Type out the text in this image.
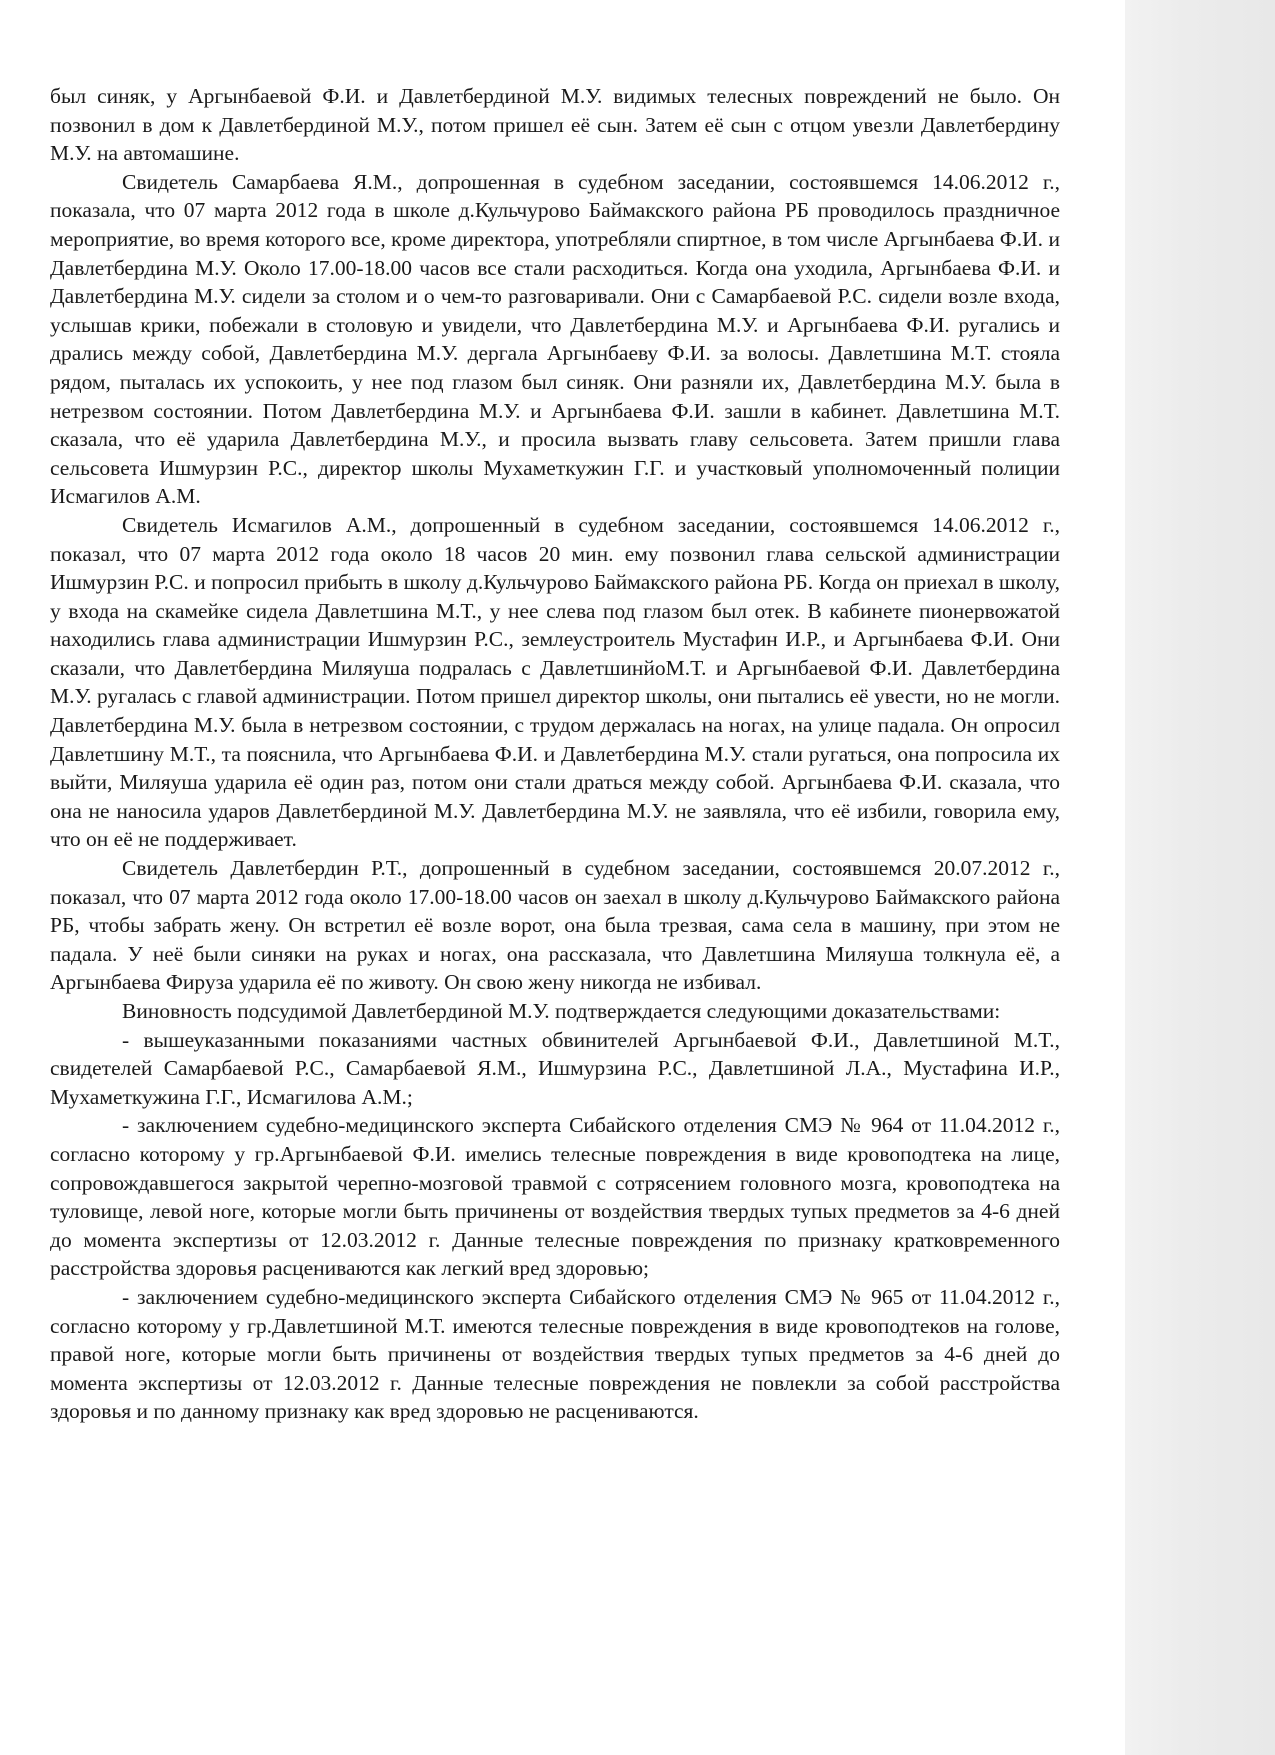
был синяк, у Аргынбаевой Ф.И. и Давлетбердиной М.У. видимых телесных повреждений не было. Он позвонил в дом к Давлетбердиной М.У., потом пришел её сын. Затем её сын с отцом увезли Давлетбердину М.У. на автомашине.

Свидетель Самарбаева Я.М., допрошенная в судебном заседании, состоявшемся 14.06.2012 г., показала, что 07 марта 2012 года в школе д.Кульчурово Баймакского района РБ проводилось праздничное мероприятие, во время которого все, кроме директора, употребляли спиртное, в том числе Аргынбаева Ф.И. и Давлетбердина М.У. Около 17.00-18.00 часов все стали расходиться. Когда она уходила, Аргынбаева Ф.И. и Давлетбердина М.У. сидели за столом и о чем-то разговаривали. Они с Самарбаевой Р.С. сидели возле входа, услышав крики, побежали в столовую и увидели, что Давлетбердина М.У. и Аргынбаева Ф.И. ругались и дрались между собой, Давлетбердина М.У. дергала Аргынбаеву Ф.И. за волосы. Давлетшина М.Т. стояла рядом, пыталась их успокоить, у нее под глазом был синяк. Они разняли их, Давлетбердина М.У. была в нетрезвом состоянии. Потом Давлетбердина М.У. и Аргынбаева Ф.И. зашли в кабинет. Давлетшина М.Т. сказала, что её ударила Давлетбердина М.У., и просила вызвать главу сельсовета. Затем пришли глава сельсовета Ишмурзин Р.С., директор школы Мухаметкужин Г.Г. и участковый уполномоченный полиции Исмагилов А.М.

Свидетель Исмагилов А.М., допрошенный в судебном заседании, состоявшемся 14.06.2012 г., показал, что 07 марта 2012 года около 18 часов 20 мин. ему позвонил глава сельской администрации Ишмурзин Р.С. и попросил прибыть в школу д.Кульчурово Баймакского района РБ. Когда он приехал в школу, у входа на скамейке сидела Давлетшина М.Т., у нее слева под глазом был отек. В кабинете пионервожатой находились глава администрации Ишмурзин Р.С., землеустроитель Мустафин И.Р., и Аргынбаева Ф.И. Они сказали, что Давлетбердина Миляуша подралась с ДавлетшинйоМ.Т. и Аргынбаевой Ф.И. Давлетбердина М.У. ругалась с главой администрации. Потом пришел директор школы, они пытались её увести, но не могли. Давлетбердина М.У. была в нетрезвом состоянии, с трудом держалась на ногах, на улице падала. Он опросил Давлетшину М.Т., та пояснила, что Аргынбаева Ф.И. и Давлетбердина М.У. стали ругаться, она попросила их выйти, Миляуша ударила её один раз, потом они стали драться между собой. Аргынбаева Ф.И. сказала, что она не наносила ударов Давлетбердиной М.У. Давлетбердина М.У. не заявляла, что её избили, говорила ему, что он её не поддерживает.

Свидетель Давлетбердин Р.Т., допрошенный в судебном заседании, состоявшемся 20.07.2012 г., показал, что 07 марта 2012 года около 17.00-18.00 часов он заехал в школу д.Кульчурово Баймакского района РБ, чтобы забрать жену. Он встретил её возле ворот, она была трезвая, сама села в машину, при этом не падала. У неё были синяки на руках и ногах, она рассказала, что Давлетшина Миляуша толкнула её, а Аргынбаева Фируза ударила её по животу. Он свою жену никогда не избивал.

Виновность подсудимой Давлетбердиной М.У. подтверждается следующими доказательствами:

- вышеуказанными показаниями частных обвинителей Аргынбаевой Ф.И., Давлетшиной М.Т., свидетелей Самарбаевой Р.С., Самарбаевой Я.М., Ишмурзина Р.С., Давлетшиной Л.А., Мустафина И.Р., Мухаметкужина Г.Г., Исмагилова А.М.;

- заключением судебно-медицинского эксперта Сибайского отделения СМЭ № 964 от 11.04.2012 г., согласно которому у гр.Аргынбаевой Ф.И. имелись телесные повреждения в виде кровоподтека на лице, сопровождавшегося закрытой черепно-мозговой травмой с сотрясением головного мозга, кровоподтека на туловище, левой ноге, которые могли быть причинены от воздействия твердых тупых предметов за 4-6 дней до момента экспертизы от 12.03.2012 г. Данные телесные повреждения по признаку кратковременного расстройства здоровья расцениваются как легкий вред здоровью;

- заключением судебно-медицинского эксперта Сибайского отделения СМЭ № 965 от 11.04.2012 г., согласно которому у гр.Давлетшиной М.Т. имеются телесные повреждения в виде кровоподтеков на голове, правой ноге, которые могли быть причинены от воздействия твердых тупых предметов за 4-6 дней до момента экспертизы от 12.03.2012 г. Данные телесные повреждения не повлекли за собой расстройства здоровья и по данному признаку как вред здоровью не расцениваются.
